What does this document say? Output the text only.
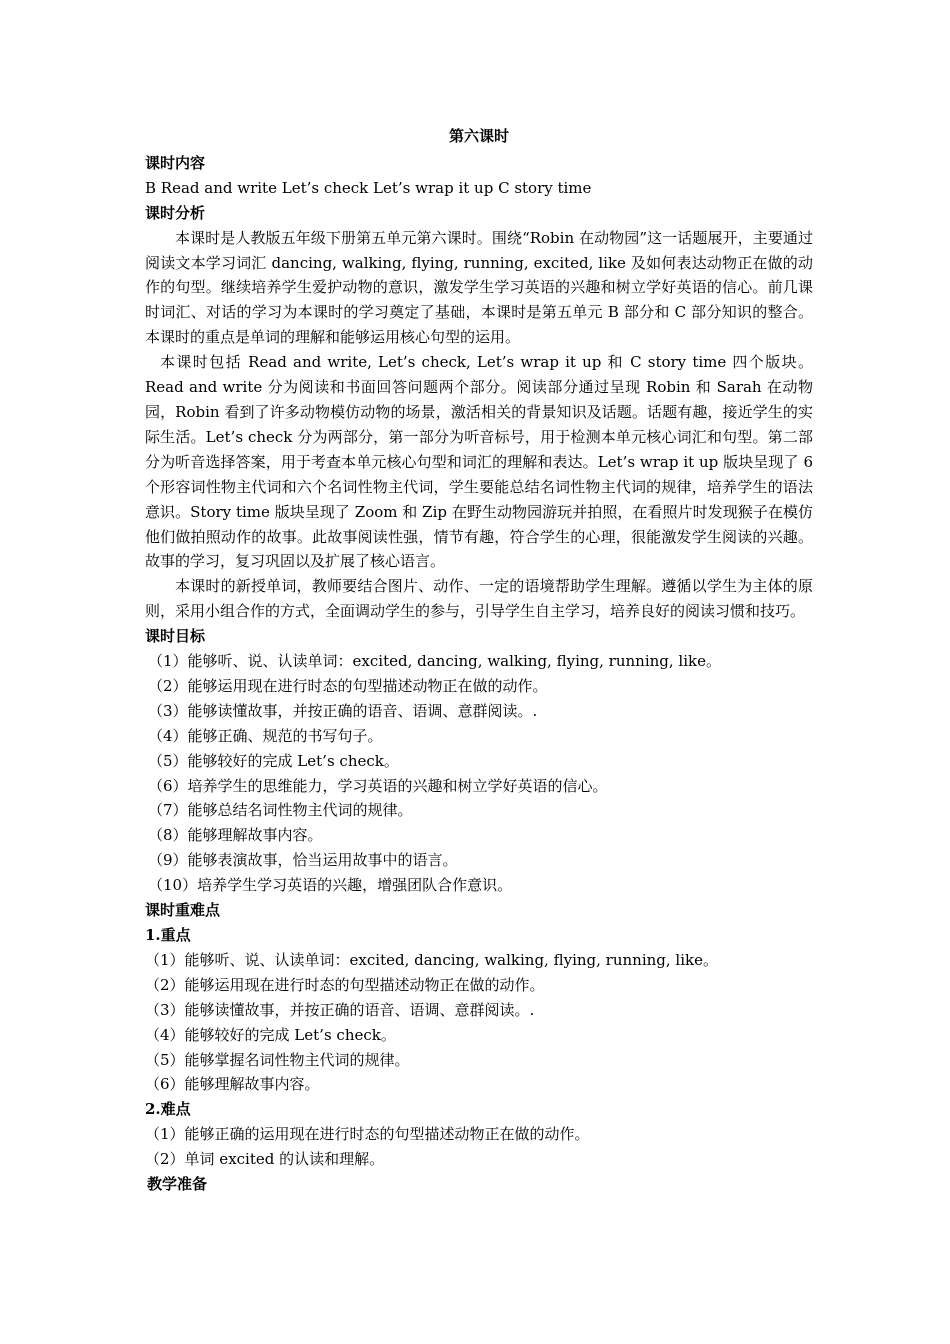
第六课时
课时内容
B Read and write Let’s check Let’s wrap it up C story time
课时分析
本课时是人教版五年级下册第五单元第六课时。围绕“Robin 在动物园”这一话题展开，主要通过阅读文本学习词汇 dancing, walking, flying, running, excited, like 及如何表达动物正在做的动作的句型。继续培养学生爱护动物的意识，激发学生学习英语的兴趣和树立学好英语的信心。前几课时词汇、对话的学习为本课时的学习奠定了基础，本课时是第五单元 B 部分和 C 部分知识的整合。本课时的重点是单词的理解和能够运用核心句型的运用。
本课时包括 Read and write, Let’s check, Let’s wrap it up 和 C story time 四个版块。Read and write 分为阅读和书面回答问题两个部分。阅读部分通过呈现 Robin 和 Sarah 在动物园，Robin 看到了许多动物模仿动物的场景，激活相关的背景知识及话题。话题有趣，接近学生的实际生活。Let’s check 分为两部分，第一部分为听音标号，用于检测本单元核心词汇和句型。第二部分为听音选择答案，用于考查本单元核心句型和词汇的理解和表达。Let’s wrap it up 版块呈现了 6 个形容词性物主代词和六个名词性物主代词，学生要能总结名词性物主代词的规律，培养学生的语法意识。Story time 版块呈现了 Zoom 和 Zip 在野生动物园游玩并拍照，在看照片时发现猴子在模仿他们做拍照动作的故事。此故事阅读性强，情节有趣，符合学生的心理，很能激发学生阅读的兴趣。故事的学习，复习巩固以及扩展了核心语言。
本课时的新授单词，教师要结合图片、动作、一定的语境帮助学生理解。遵循以学生为主体的原则，采用小组合作的方式，全面调动学生的参与，引导学生自主学习，培养良好的阅读习惯和技巧。
课时目标
（1）能够听、说、认读单词：excited, dancing, walking, flying, running, like。
（2）能够运用现在进行时态的句型描述动物正在做的动作。
（3）能够读懂故事，并按正确的语音、语调、意群阅读。.
（4）能够正确、规范的书写句子。
（5）能够较好的完成 Let’s check。
（6）培养学生的思维能力，学习英语的兴趣和树立学好英语的信心。
（7）能够总结名词性物主代词的规律。
（8）能够理解故事内容。
（9）能够表演故事，恰当运用故事中的语言。
（10）培养学生学习英语的兴趣，增强团队合作意识。
课时重难点
1.重点
（1）能够听、说、认读单词：excited, dancing, walking, flying, running, like。
（2）能够运用现在进行时态的句型描述动物正在做的动作。
（3）能够读懂故事，并按正确的语音、语调、意群阅读。.
（4）能够较好的完成 Let’s check。
（5）能够掌握名词性物主代词的规律。
（6）能够理解故事内容。
2.难点
（1）能够正确的运用现在进行时态的句型描述动物正在做的动作。
（2）单词 excited 的认读和理解。
教学准备
